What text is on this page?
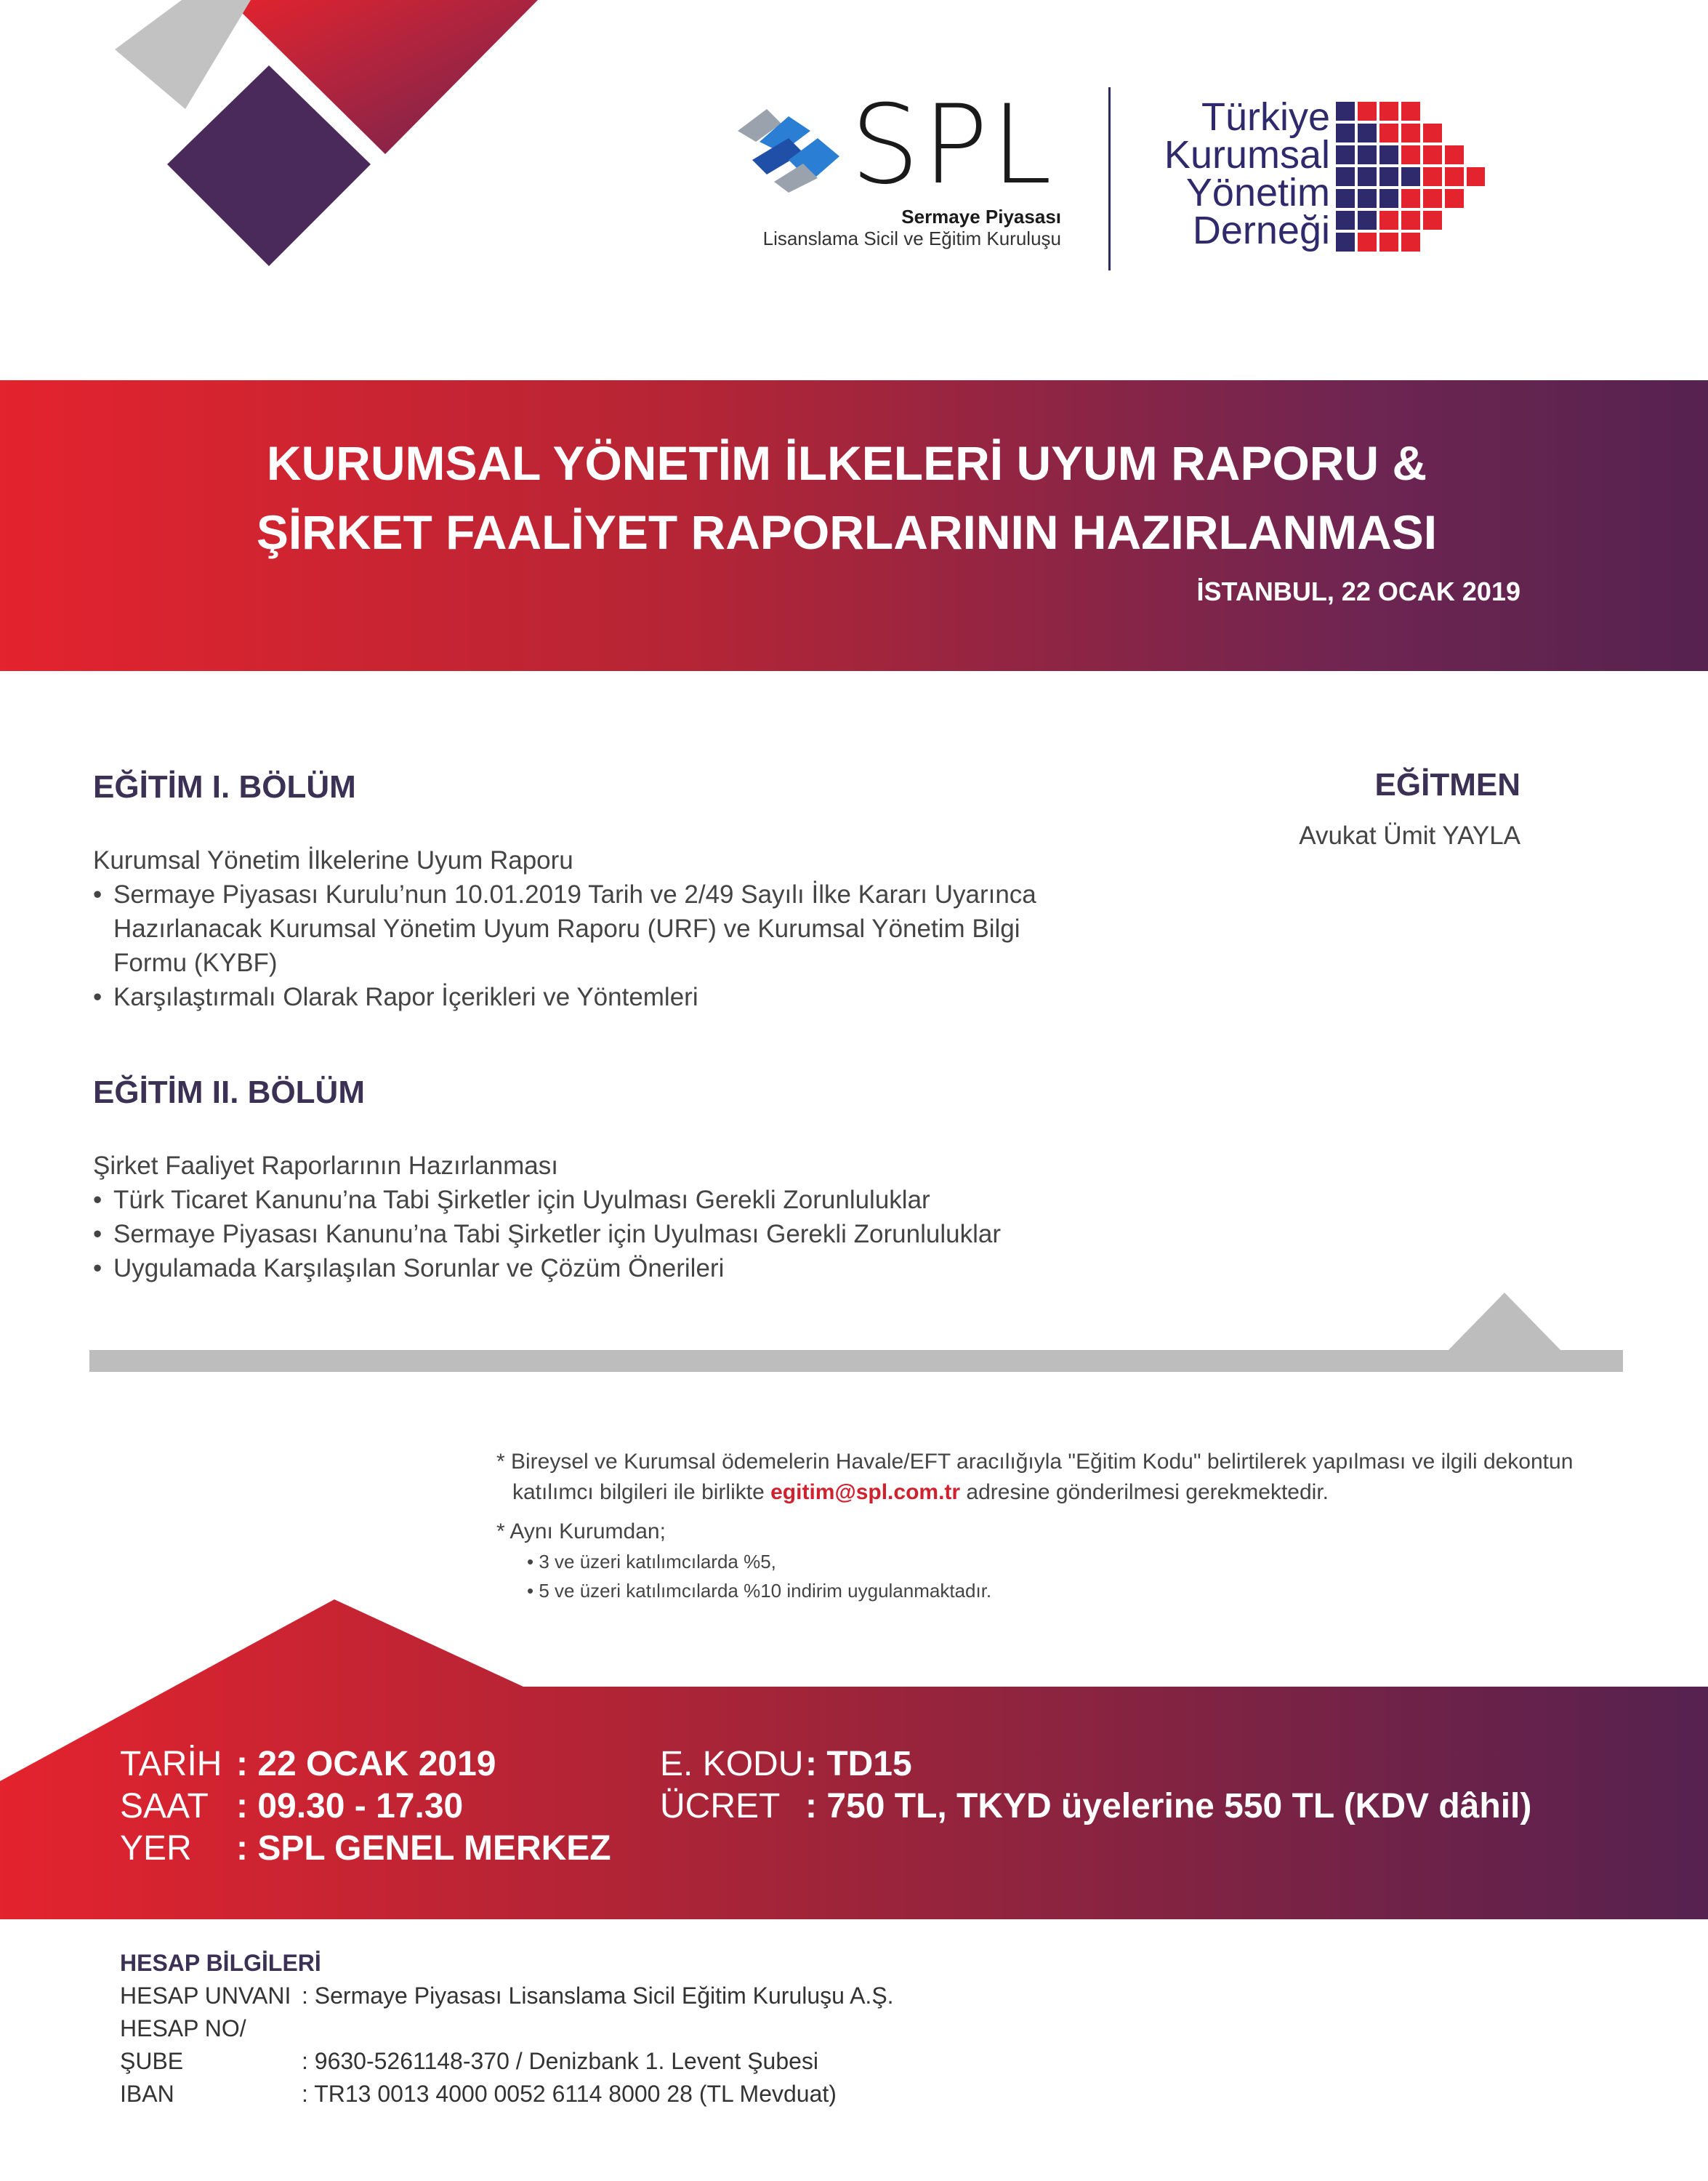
SPL
Sermaye Piyasası
Lisanslama Sicil ve Eğitim Kuruluşu
Türkiye
Kurumsal
Yönetim
Derneği
KURUMSAL YÖNETİM İLKELERİ UYUM RAPORU &
ŞİRKET FAALİYET RAPORLARININ HAZIRLANMASI
İSTANBUL, 22 OCAK 2019
EĞİTİM I. BÖLÜM
Kurumsal Yönetim İlkelerine Uyum Raporu
• Sermaye Piyasası Kurulu’nun 10.01.2019 Tarih ve 2/49 Sayılı İlke Kararı Uyarınca Hazırlanacak Kurumsal Yönetim Uyum Raporu (URF) ve Kurumsal Yönetim Bilgi Formu (KYBF)
• Karşılaştırmalı Olarak Rapor İçerikleri ve Yöntemleri
EĞİTMEN
Avukat Ümit YAYLA
EĞİTİM II. BÖLÜM
Şirket Faaliyet Raporlarının Hazırlanması
• Türk Ticaret Kanunu’na Tabi Şirketler için Uyulması Gerekli Zorunluluklar
• Sermaye Piyasası Kanunu’na Tabi Şirketler için Uyulması Gerekli Zorunluluklar
• Uygulamada Karşılaşılan Sorunlar ve Çözüm Önerileri
* Bireysel ve Kurumsal ödemelerin Havale/EFT aracılığıyla "Eğitim Kodu" belirtilerek yapılması ve ilgili dekontun
katılımcı bilgileri ile birlikte egitim@spl.com.tr adresine gönderilmesi gerekmektedir.
* Aynı Kurumdan;
• 3 ve üzeri katılımcılarda %5,
• 5 ve üzeri katılımcılarda %10 indirim uygulanmaktadır.
TARİH : 22 OCAK 2019
SAAT : 09.30 - 17.30
YER : SPL GENEL MERKEZ
E. KODU: TD15
ÜCRET : 750 TL, TKYD üyelerine 550 TL (KDV dâhil)
HESAP BİLGİLERİ
HESAP UNVANI : Sermaye Piyasası Lisanslama Sicil Eğitim Kuruluşu A.Ş.
HESAP NO/ŞUBE	: 9630-5261148-370 / Denizbank 1. Levent Şubesi
IBAN	: TR13 0013 4000 0052 6114 8000 28 (TL Mevduat)
